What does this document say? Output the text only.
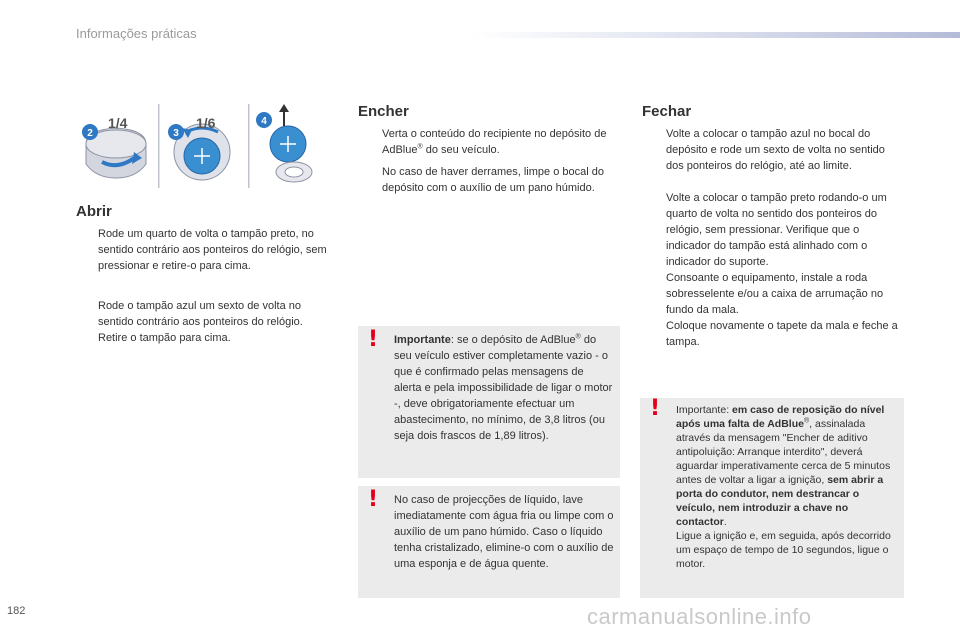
Informações práticas
2
1/4
3
1/6	4
Abrir
Rode um quarto de volta o tampão preto, no sentido contrário aos ponteiros do relógio, sem pressionar e retire-o para cima.
Rode o tampão azul um sexto de volta no sentido contrário aos ponteiros do relógio.
Retire o tampão para cima.
Encher
Verta o conteúdo do recipiente no depósito de AdBlue® do seu veículo.
No caso de haver derrames, limpe o bocal do depósito com o auxílio de um pano húmido.
! Importante: se o depósito de AdBlue® do seu veículo estiver completamente vazio - o que é confirmado pelas mensagens de alerta e pela impossibilidade de ligar o motor -, deve obrigatoriamente efectuar um abastecimento, no mínimo, de 3,8 litros (ou seja dois frascos de 1,89 litros).
! No caso de projecções de líquido, lave imediatamente com água fria ou limpe com o auxílio de um pano húmido. Caso o líquido tenha cristalizado, elimine-o com o auxílio de uma esponja e de água quente.
Fechar
Volte a colocar o tampão azul no bocal do depósito e rode um sexto de volta no sentido dos ponteiros do relógio, até ao limite.
Volte a colocar o tampão preto rodando-o um quarto de volta no sentido dos ponteiros do relógio, sem pressionar. Verifique que o indicador do tampão está alinhado com o indicador do suporte.
Consoante o equipamento, instale a roda sobresselente e/ou a caixa de arrumação no fundo da mala.
Coloque novamente o tapete da mala e feche a tampa.
! Importante: em caso de reposição do nível após uma falta de AdBlue®, assinalada através da mensagem "Encher de aditivo antipoluição: Arranque interdito", deverá aguardar imperativamente cerca de 5 minutos antes de voltar a ligar a ignição, sem abrir a porta do condutor, nem destrancar o veículo, nem introduzir a chave no contactor.
Ligue a ignição e, em seguida, após decorrido um espaço de tempo de 10 segundos, ligue o motor.
182	carmanualsonline.info
